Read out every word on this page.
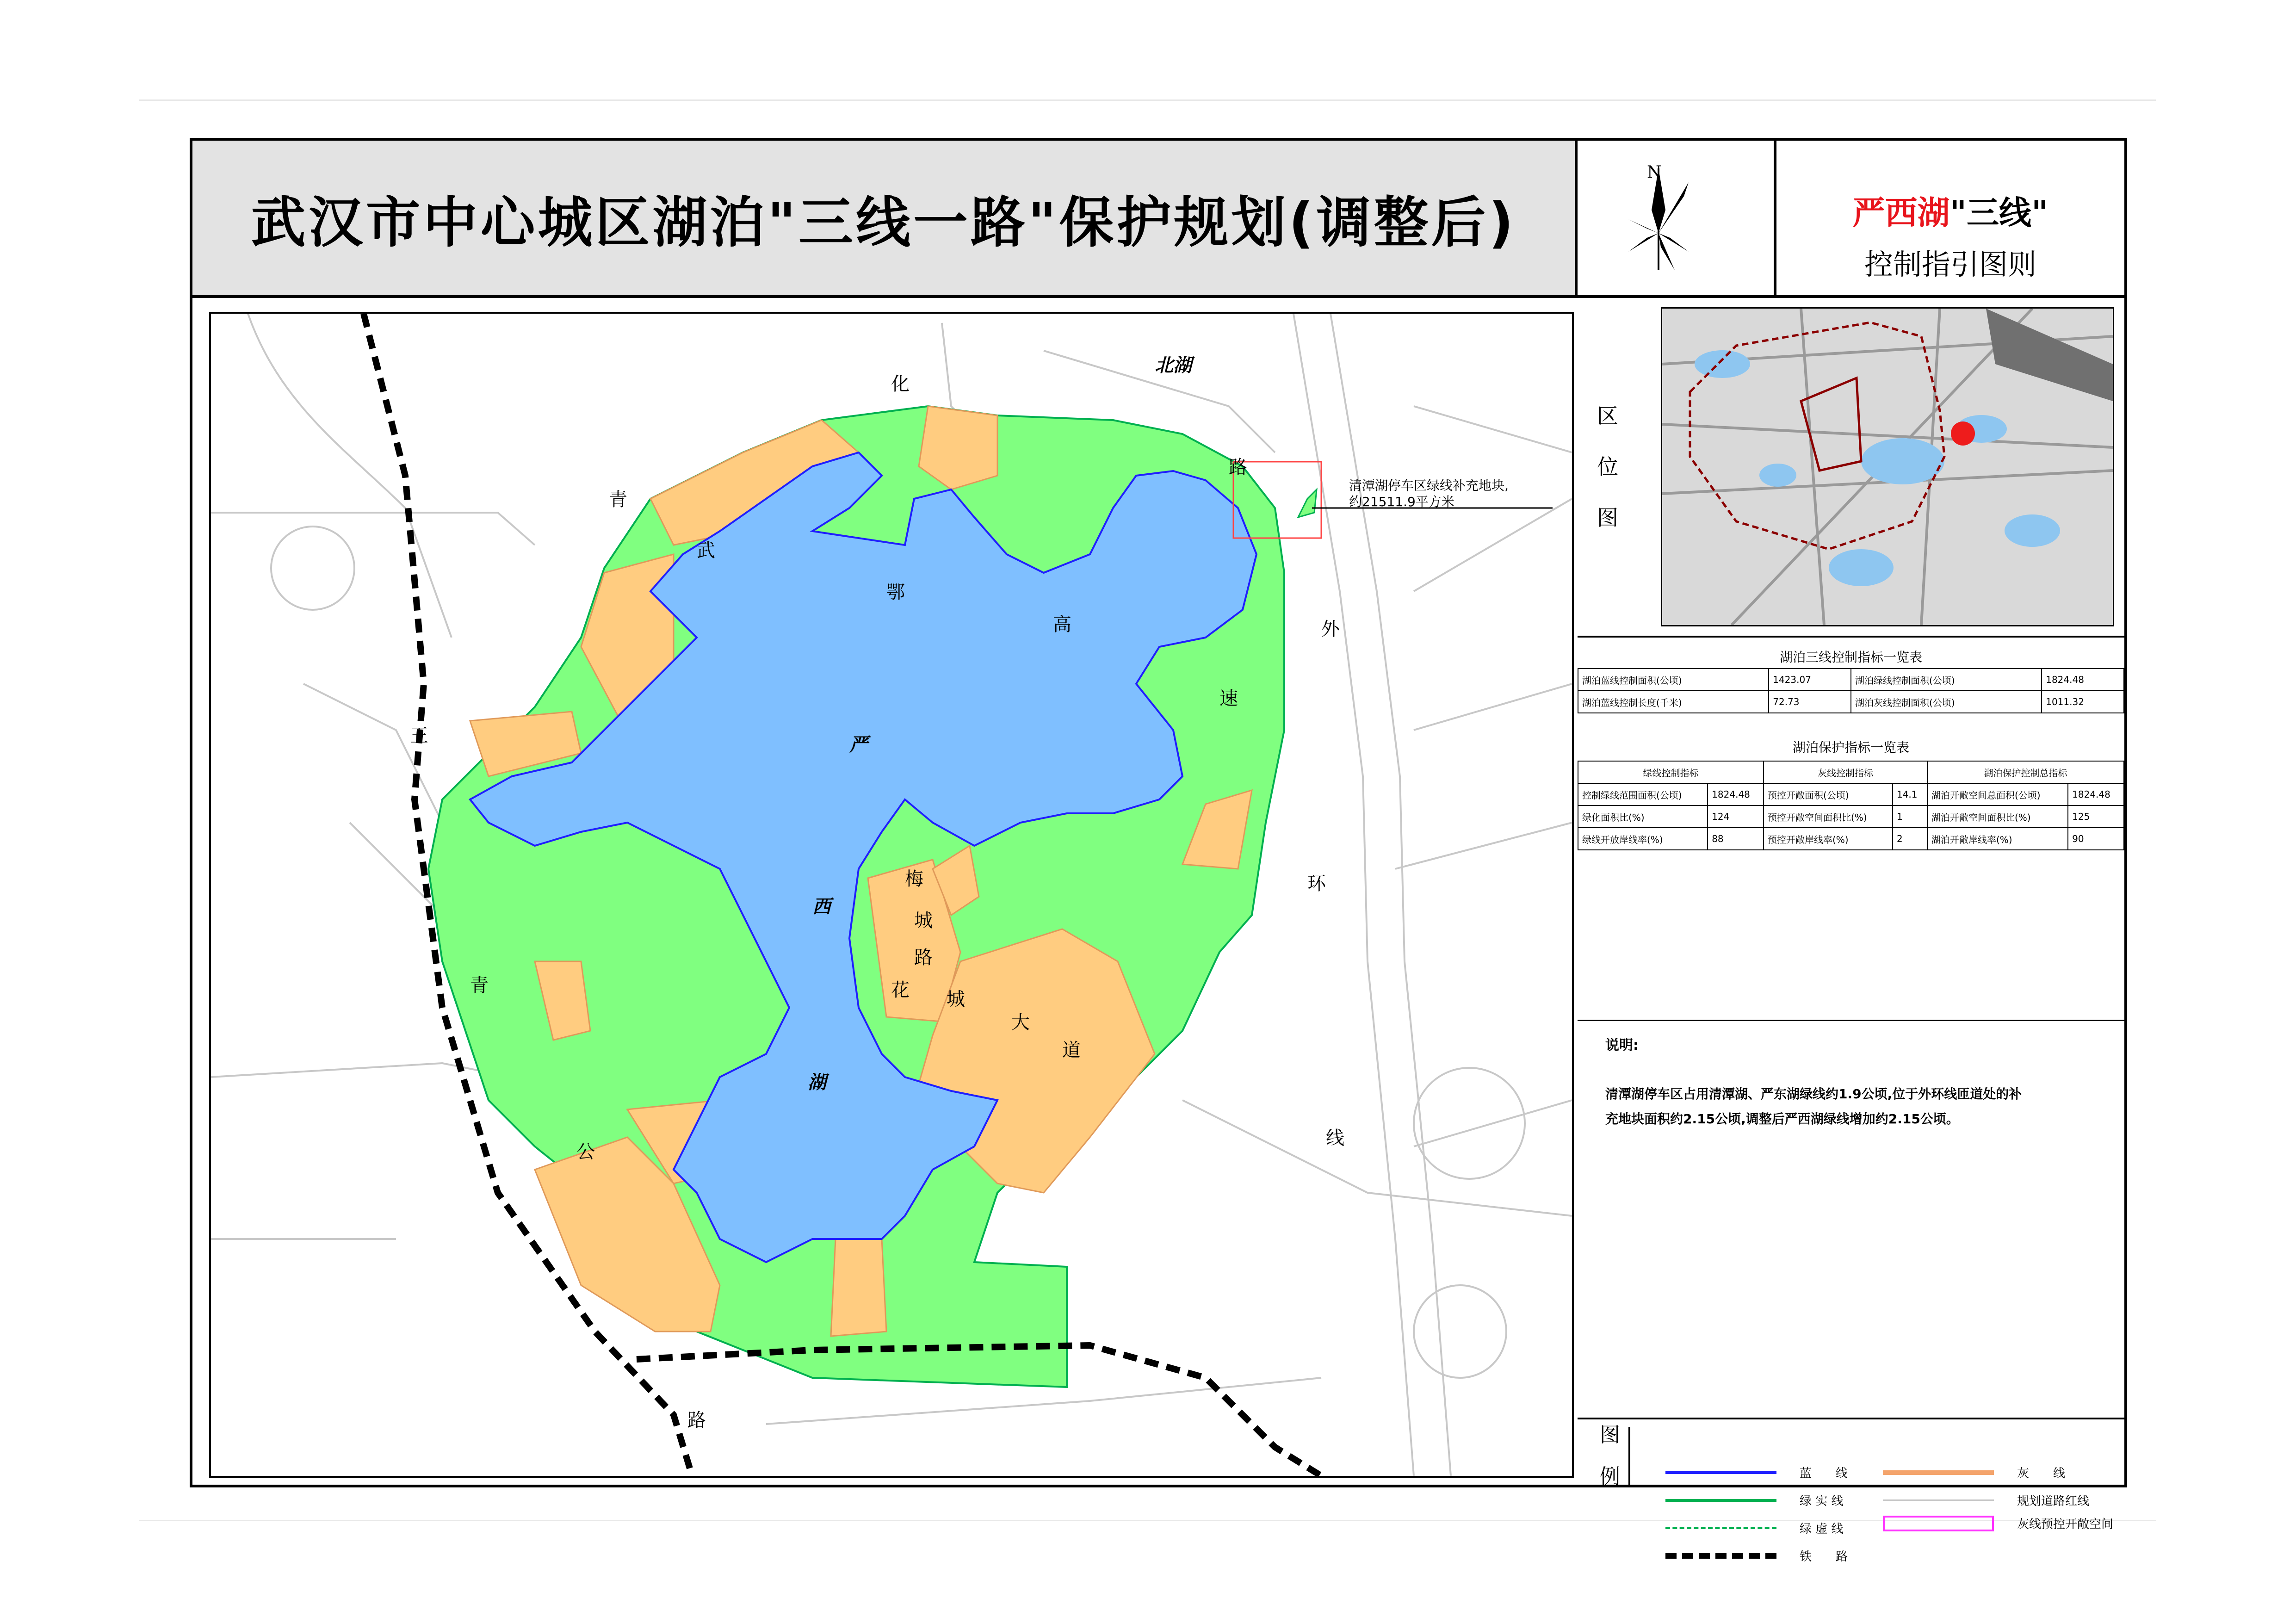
武汉市中心城区湖泊"三线一路"保护规划(调整后)
N
严西湖"三线"
控制指引图则
化
路
青
武
鄂
高
速
外
环
线
王
青
公
路
梅
城
路
花 城
大
道
严
西
湖
北湖
清潭湖停车区绿线补充地块,
约21511.9平方米
区
位
图
湖泊三线控制指标一览表
湖泊蓝线控制面积(公顷)	1423.07	湖泊绿线控制面积(公顷)	1824.48
湖泊蓝线控制长度(千米)	72.73	湖泊灰线控制面积(公顷)	1011.32
湖泊保护指标一览表
绿线控制指标		灰线控制指标		湖泊保护控制总指标	
控制绿线范围面积(公顷)	1824.48	预控开敞面积(公顷)	14.1	湖泊开敞空间总面积(公顷)	1824.48
绿化面积比(%)	124	预控开敞空间面积比(%)	1	湖泊开敞空间面积比(%)	125
绿线开放岸线率(%)	88	预控开敞岸线率(%)	2	湖泊开敞岸线率(%)	90
说明:
清潭湖停车区占用清潭湖、严东湖绿线约1.9公顷,位于外环线匝道处的补
充地块面积约2.15公顷,调整后严西湖绿线增加约2.15公顷。
图
例	蓝　　线
绿 实 线
绿 虚 线
铁　　路
灰　　线
规划道路红线
灰线预控开敞空间
